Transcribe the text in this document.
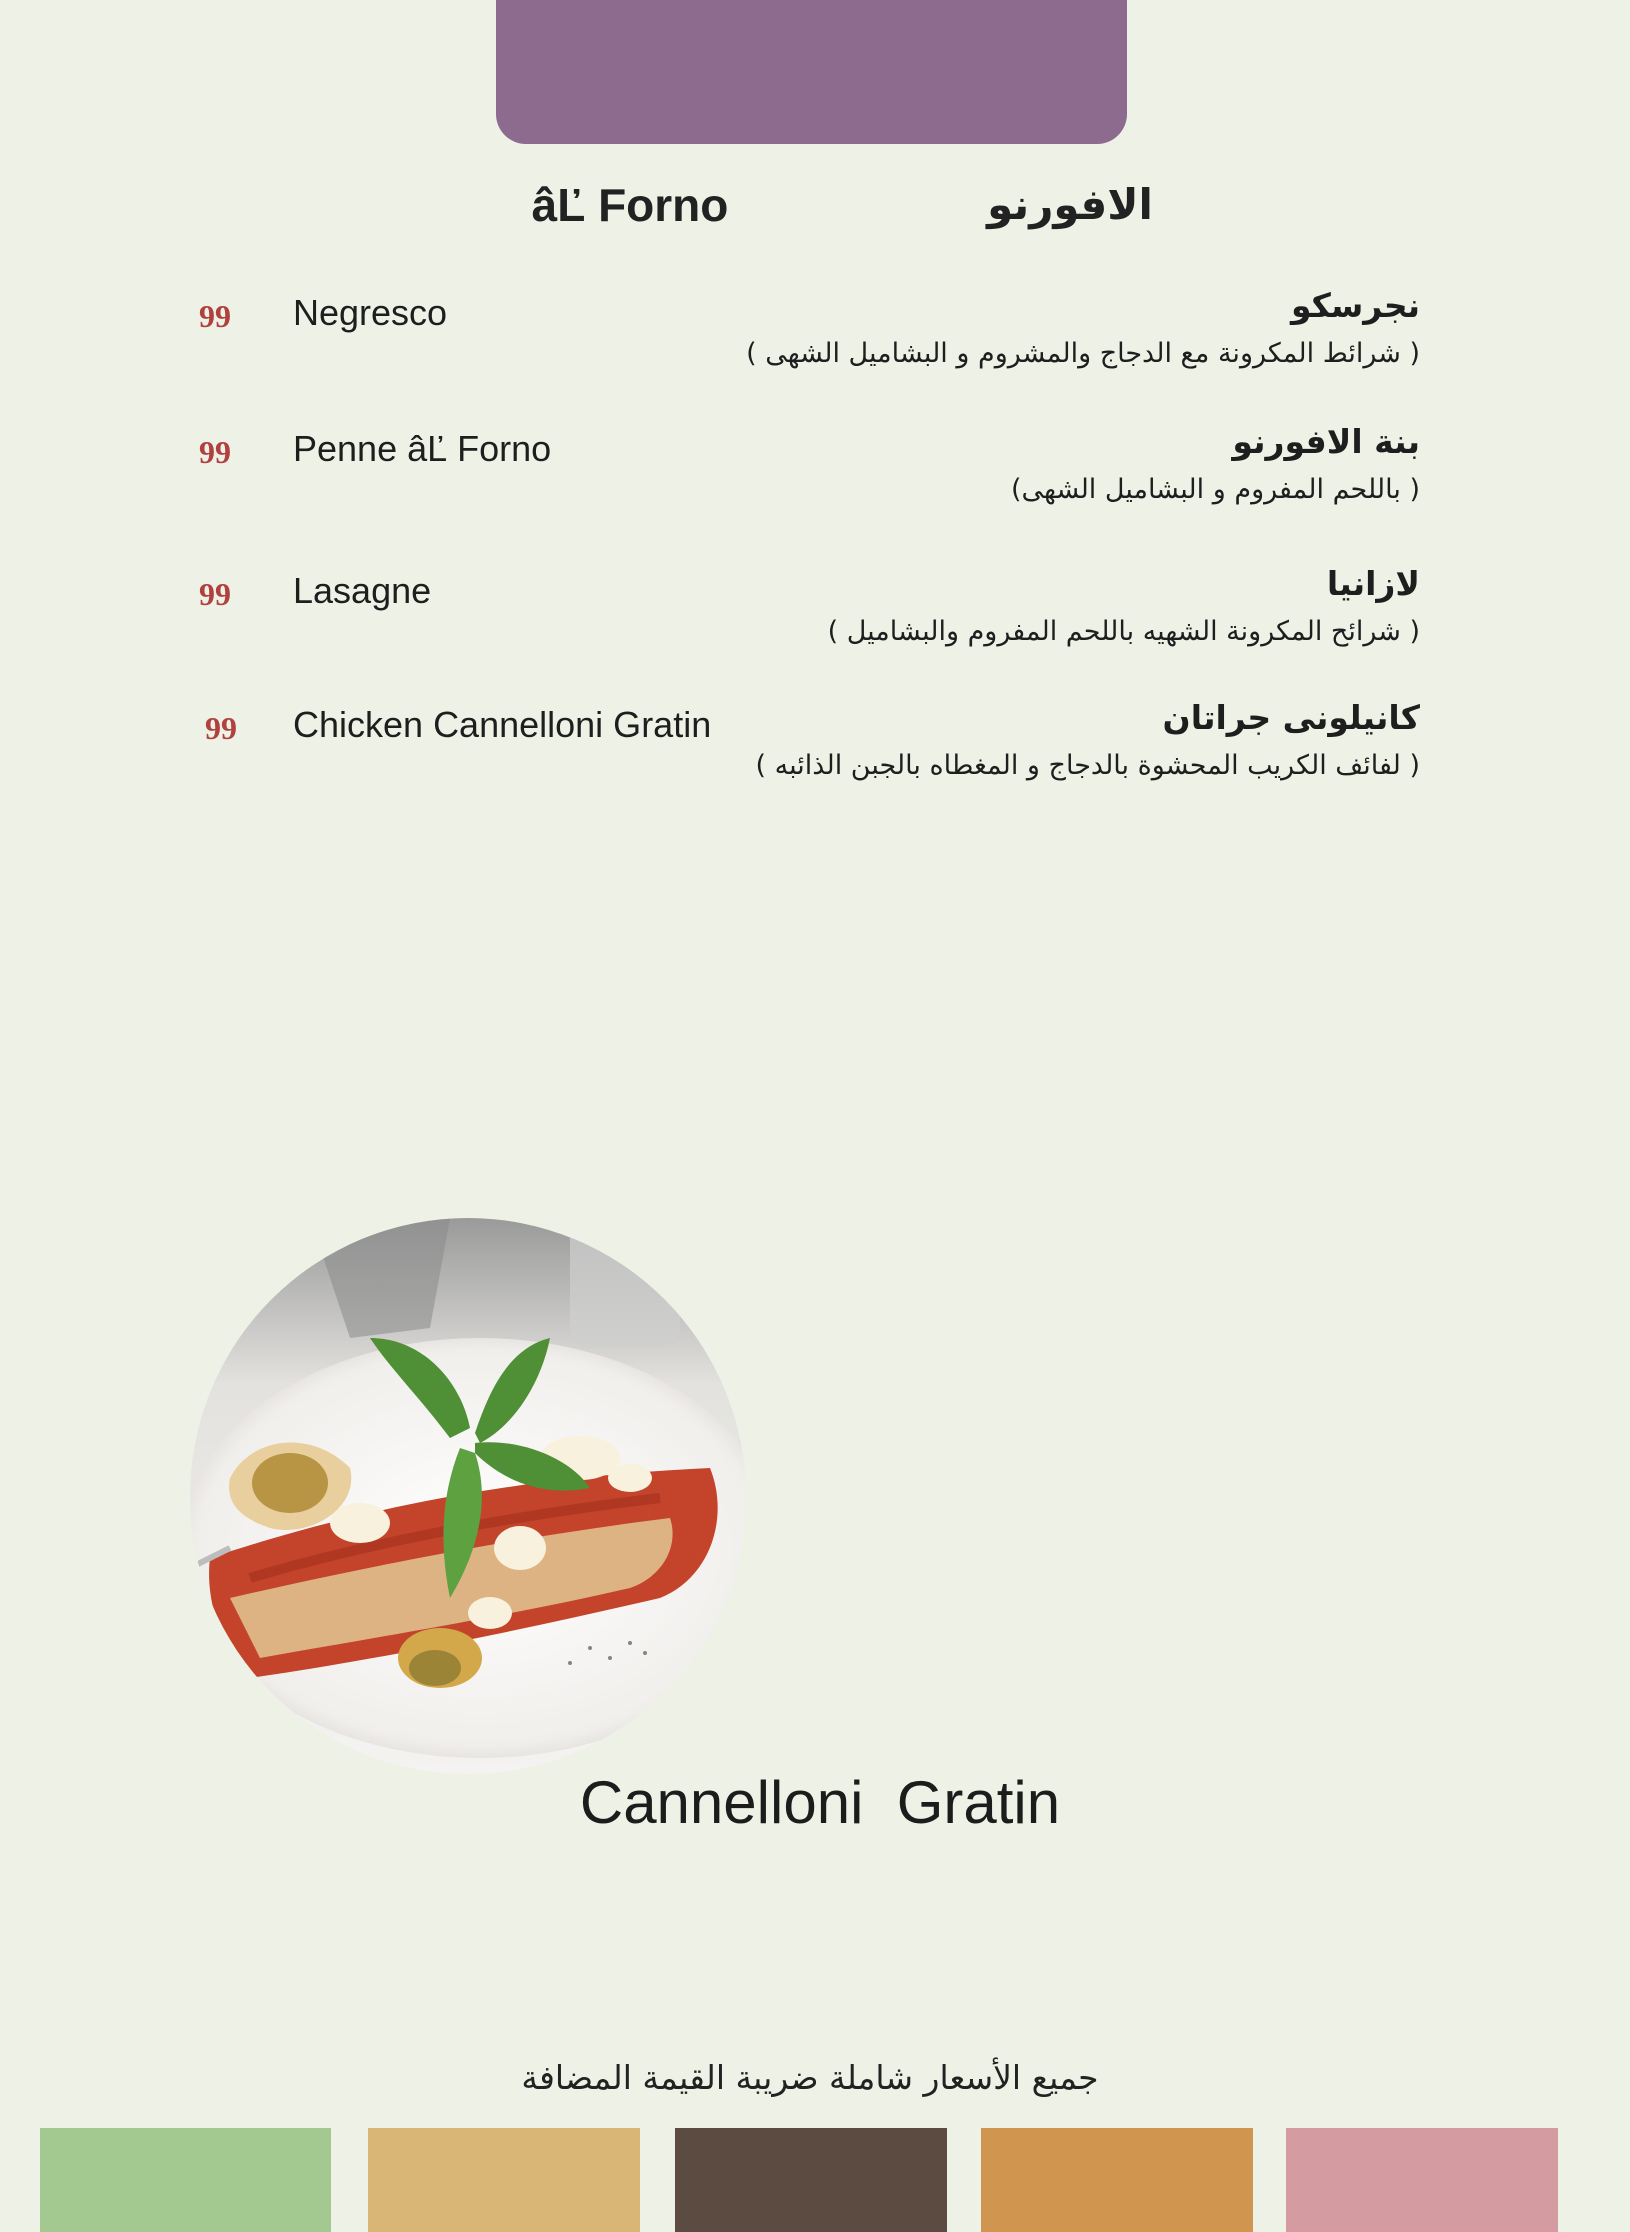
âĽ Forno	الافورنو
99	Negresco	نجرسكو
( شرائط المكرونة مع الدجاج والمشروم و البشاميل الشهى )
99	Penne âĽ Forno	بنة الافورنو
( باللحم المفروم و البشاميل الشهى)
99	Lasagne	لازانيا
( شرائح المكرونة الشهيه باللحم المفروم والبشاميل )
99	Chicken Cannelloni Gratin	كانيلونى جراتان
( لفائف الكريب المحشوة بالدجاج و المغطاه بالجبن الذائبه )
Cannelloni  Gratin
جميع الأسعار شاملة ضريبة القيمة المضافة
